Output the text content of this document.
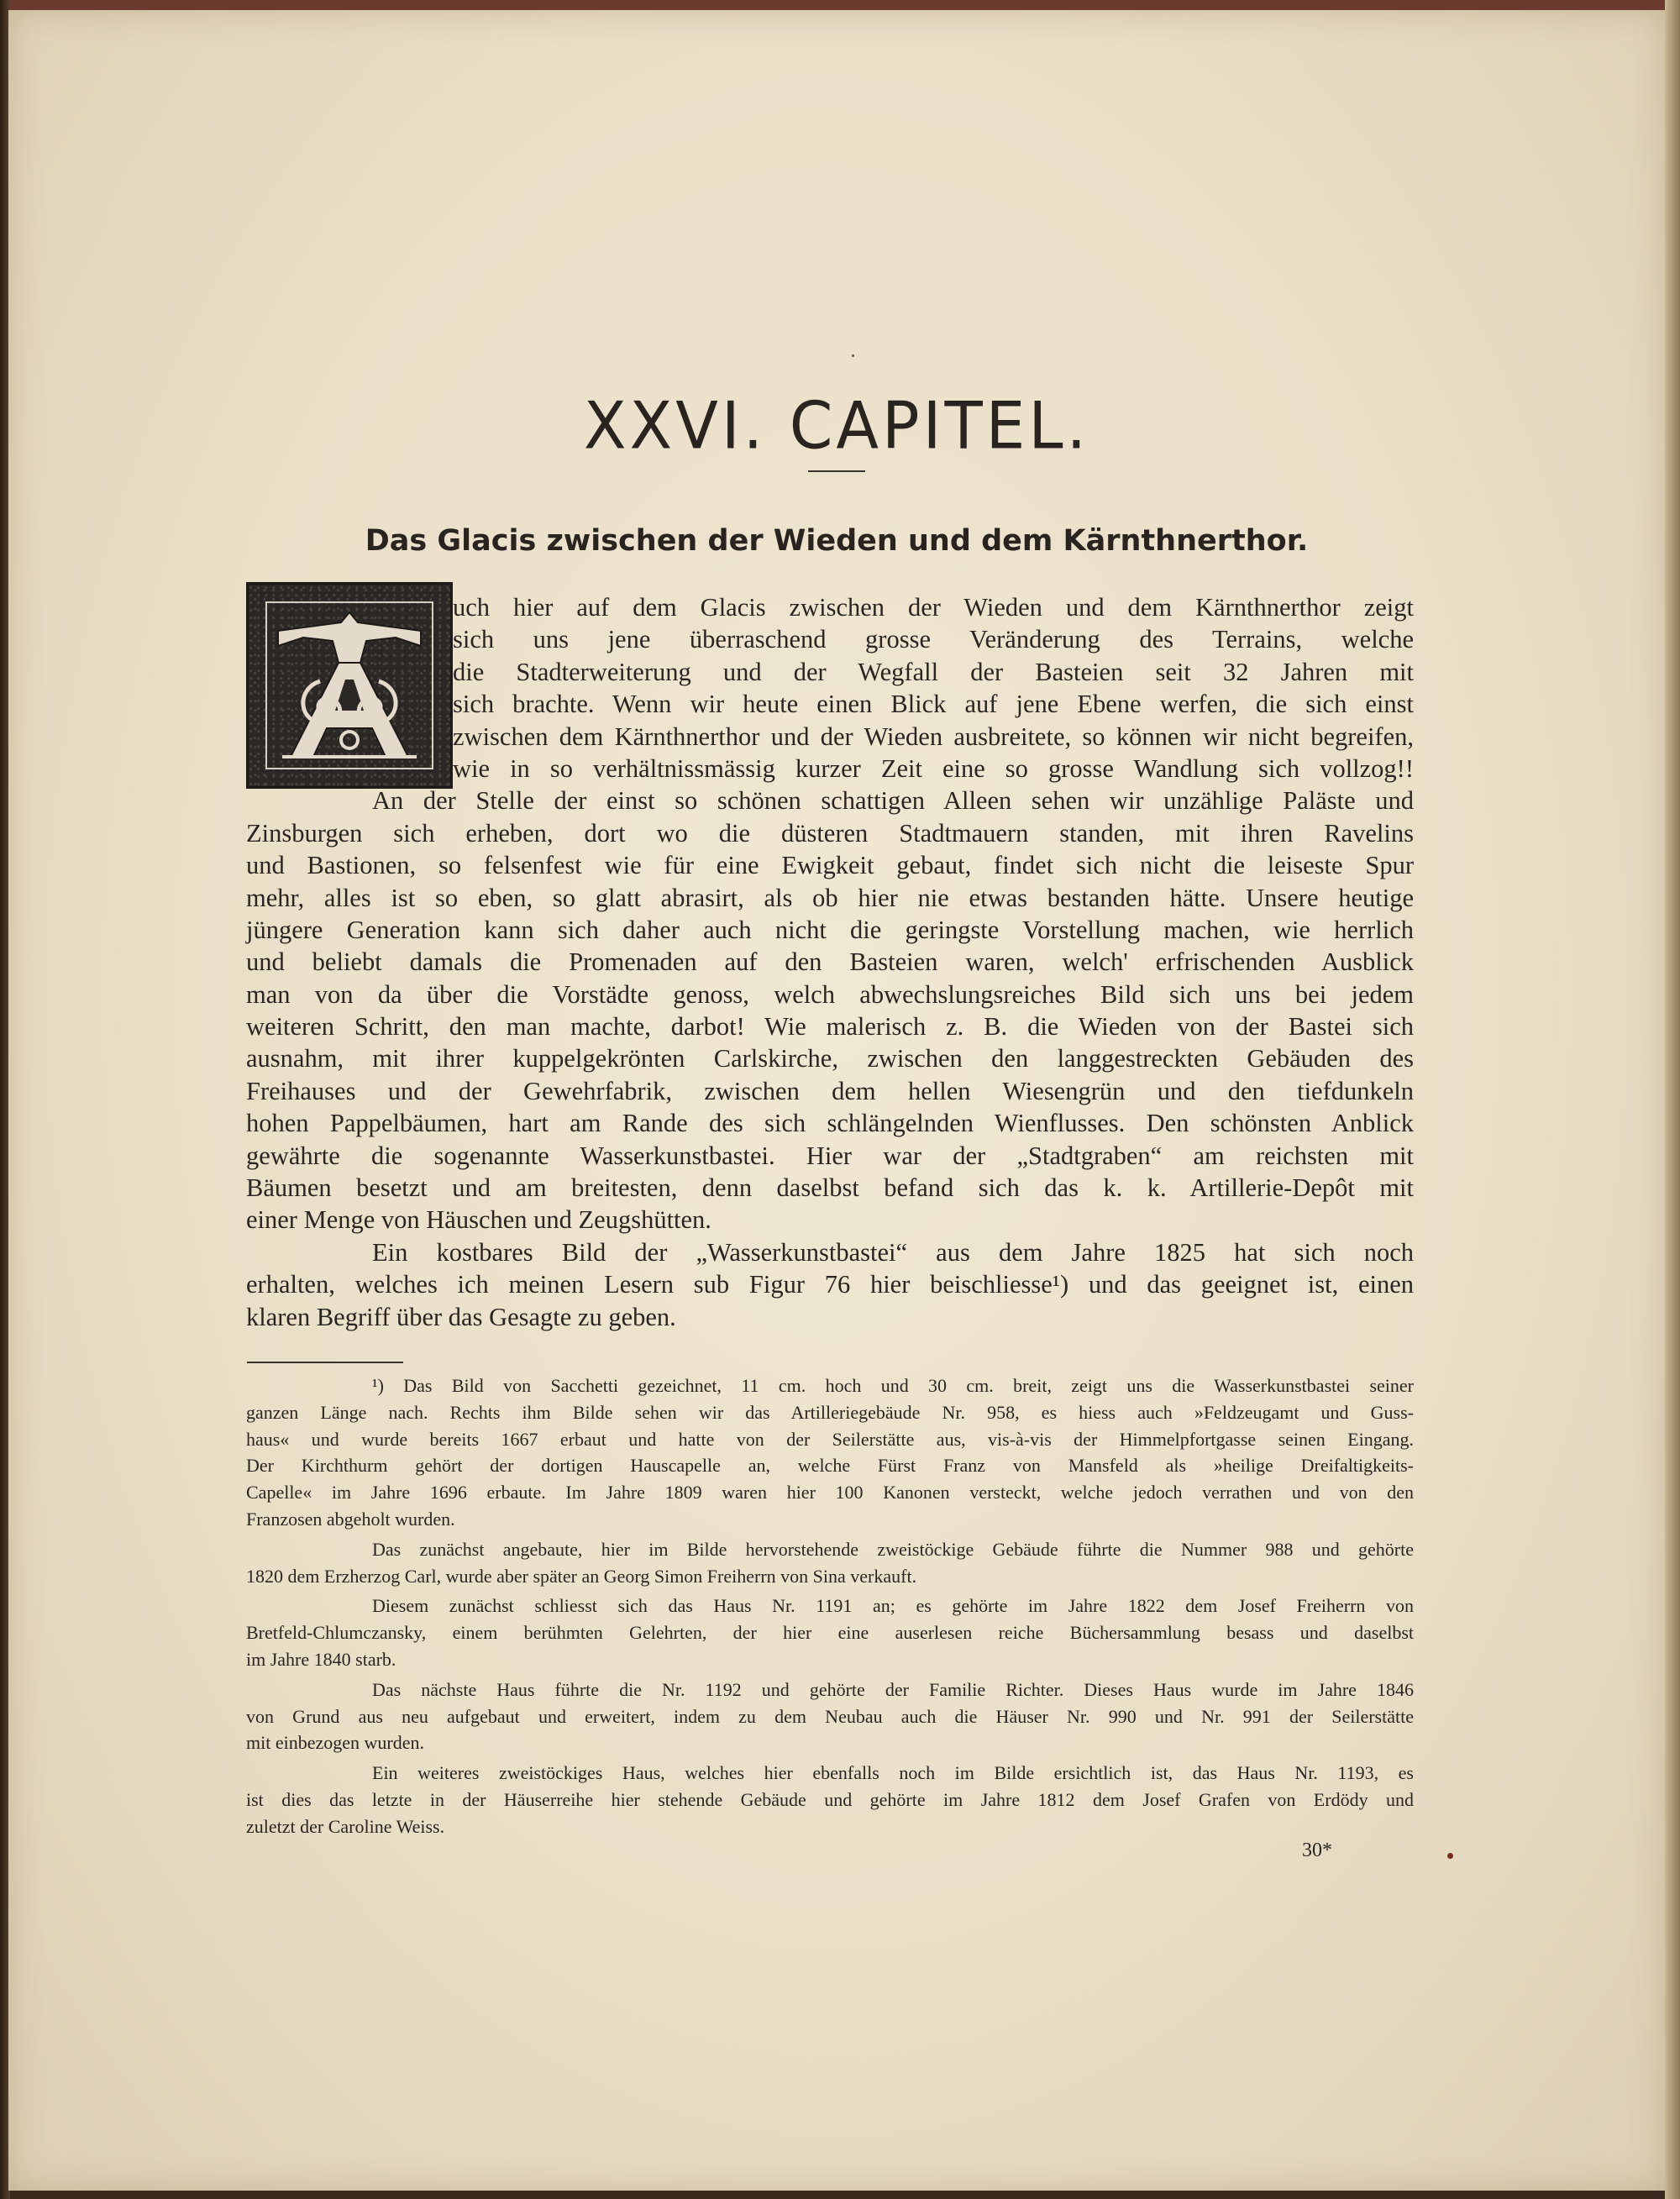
XXVI. CAPITEL.
Das Glacis zwischen der Wieden und dem Kärnthnerthor.
uch hier auf dem Glacis zwischen der Wieden und dem Kärnthnerthor zeigt
sich uns jene überraschend grosse Veränderung des Terrains, welche
die Stadterweiterung und der Wegfall der Basteien seit 32 Jahren mit
sich brachte. Wenn wir heute einen Blick auf jene Ebene werfen, die sich einst
zwischen dem Kärnthnerthor und der Wieden ausbreitete, so können wir nicht begreifen,
wie in so verhältnissmässig kurzer Zeit eine so grosse Wandlung sich vollzog!!
An der Stelle der einst so schönen schattigen Alleen sehen wir unzählige Paläste und
Zinsburgen sich erheben, dort wo die düsteren Stadtmauern standen, mit ihren Ravelins
und Bastionen, so felsenfest wie für eine Ewigkeit gebaut, findet sich nicht die leiseste Spur
mehr, alles ist so eben, so glatt abrasirt, als ob hier nie etwas bestanden hätte. Unsere heutige
jüngere Generation kann sich daher auch nicht die geringste Vorstellung machen, wie herrlich
und beliebt damals die Promenaden auf den Basteien waren, welch' erfrischenden Ausblick
man von da über die Vorstädte genoss, welch abwechslungsreiches Bild sich uns bei jedem
weiteren Schritt, den man machte, darbot! Wie malerisch z. B. die Wieden von der Bastei sich
ausnahm, mit ihrer kuppelgekrönten Carlskirche, zwischen den langgestreckten Gebäuden des
Freihauses und der Gewehrfabrik, zwischen dem hellen Wiesengrün und den tiefdunkeln
hohen Pappelbäumen, hart am Rande des sich schlängelnden Wienflusses. Den schönsten Anblick
gewährte die sogenannte Wasserkunstbastei. Hier war der „Stadtgraben“ am reichsten mit
Bäumen besetzt und am breitesten, denn daselbst befand sich das k. k. Artillerie-Depôt mit
einer Menge von Häuschen und Zeugshütten.
Ein kostbares Bild der „Wasserkunstbastei“ aus dem Jahre 1825 hat sich noch
erhalten, welches ich meinen Lesern sub Figur 76 hier beischliesse¹) und das geeignet ist, einen
klaren Begriff über das Gesagte zu geben.
¹) Das Bild von Sacchetti gezeichnet, 11 cm. hoch und 30 cm. breit, zeigt uns die Wasserkunstbastei seiner
ganzen Länge nach. Rechts ihm Bilde sehen wir das Artilleriegebäude Nr. 958, es hiess auch »Feldzeugamt und Guss-
haus« und wurde bereits 1667 erbaut und hatte von der Seilerstätte aus, vis-à-vis der Himmelpfortgasse seinen Eingang.
Der Kirchthurm gehört der dortigen Hauscapelle an, welche Fürst Franz von Mansfeld als »heilige Dreifaltigkeits-
Capelle« im Jahre 1696 erbaute. Im Jahre 1809 waren hier 100 Kanonen versteckt, welche jedoch verrathen und von den
Franzosen abgeholt wurden.
Das zunächst angebaute, hier im Bilde hervorstehende zweistöckige Gebäude führte die Nummer 988 und gehörte
1820 dem Erzherzog Carl, wurde aber später an Georg Simon Freiherrn von Sina verkauft.
Diesem zunächst schliesst sich das Haus Nr. 1191 an; es gehörte im Jahre 1822 dem Josef Freiherrn von
Bretfeld-Chlumczansky, einem berühmten Gelehrten, der hier eine auserlesen reiche Büchersammlung besass und daselbst
im Jahre 1840 starb.
Das nächste Haus führte die Nr. 1192 und gehörte der Familie Richter. Dieses Haus wurde im Jahre 1846
von Grund aus neu aufgebaut und erweitert, indem zu dem Neubau auch die Häuser Nr. 990 und Nr. 991 der Seilerstätte
mit einbezogen wurden.
Ein weiteres zweistöckiges Haus, welches hier ebenfalls noch im Bilde ersichtlich ist, das Haus Nr. 1193, es
ist dies das letzte in der Häuserreihe hier stehende Gebäude und gehörte im Jahre 1812 dem Josef Grafen von Erdödy und
zuletzt der Caroline Weiss.
30*
